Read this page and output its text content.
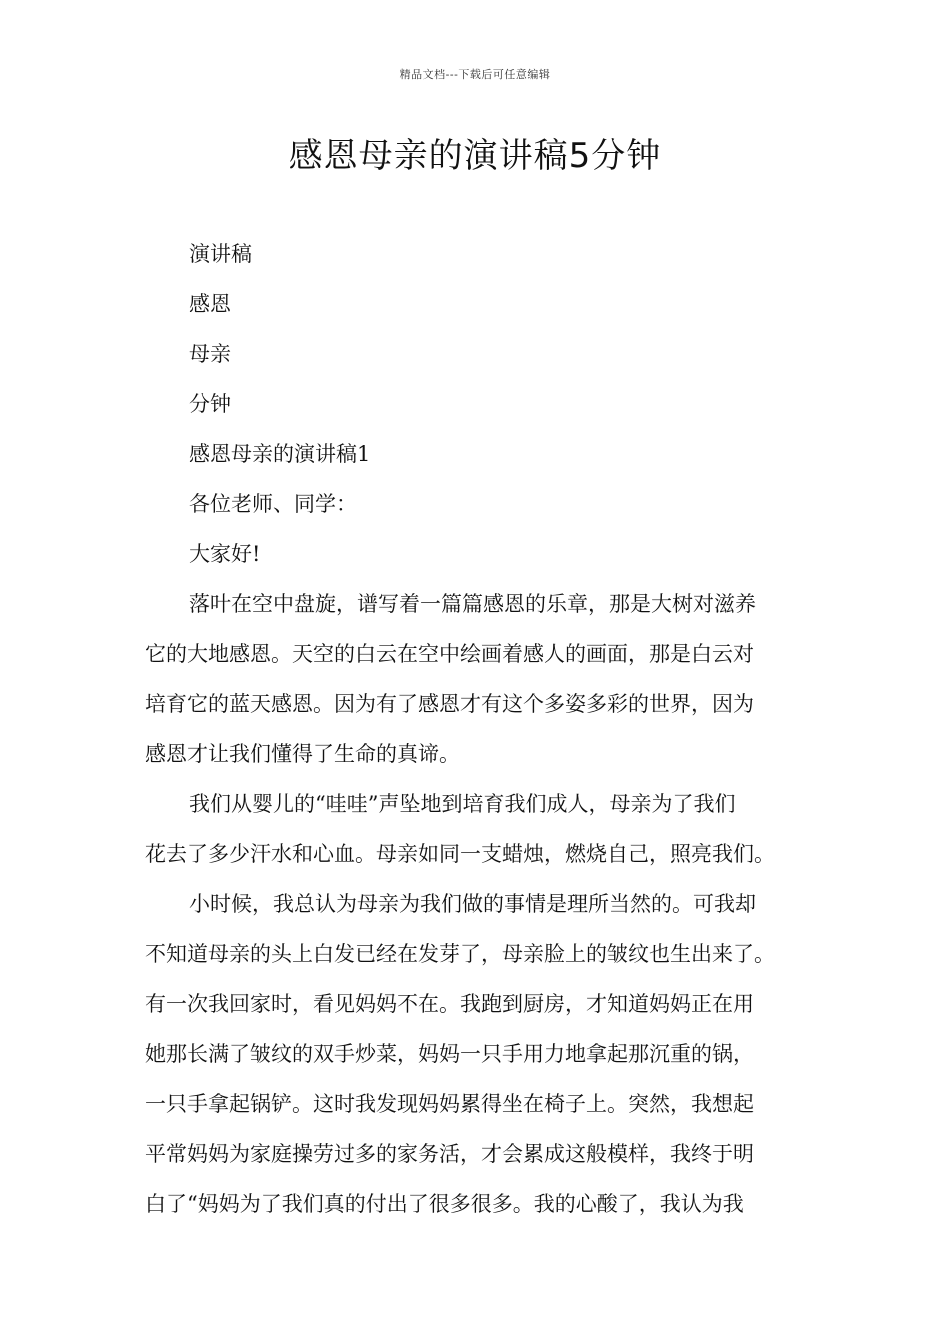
精品文档---下载后可任意编辑
感恩母亲的演讲稿5分钟
演讲稿
感恩
母亲
分钟
感恩母亲的演讲稿1
各位老师、同学：
大家好!
落叶在空中盘旋，谱写着一篇篇感恩的乐章，那是大树对滋养
它的大地感恩。天空的白云在空中绘画着感人的画面，那是白云对
培育它的蓝天感恩。因为有了感恩才有这个多姿多彩的世界，因为
感恩才让我们懂得了生命的真谛。
我们从婴儿的“哇哇”声坠地到培育我们成人，母亲为了我们
花去了多少汗水和心血。母亲如同一支蜡烛，燃烧自己，照亮我们。
小时候，我总认为母亲为我们做的事情是理所当然的。可我却
不知道母亲的头上白发已经在发芽了，母亲脸上的皱纹也生出来了。
有一次我回家时，看见妈妈不在。我跑到厨房，才知道妈妈正在用
她那长满了皱纹的双手炒菜，妈妈一只手用力地拿起那沉重的锅，
一只手拿起锅铲。这时我发现妈妈累得坐在椅子上。突然，我想起
平常妈妈为家庭操劳过多的家务活，才会累成这般模样，我终于明
白了“妈妈为了我们真的付出了很多很多。我的心酸了，我认为我
